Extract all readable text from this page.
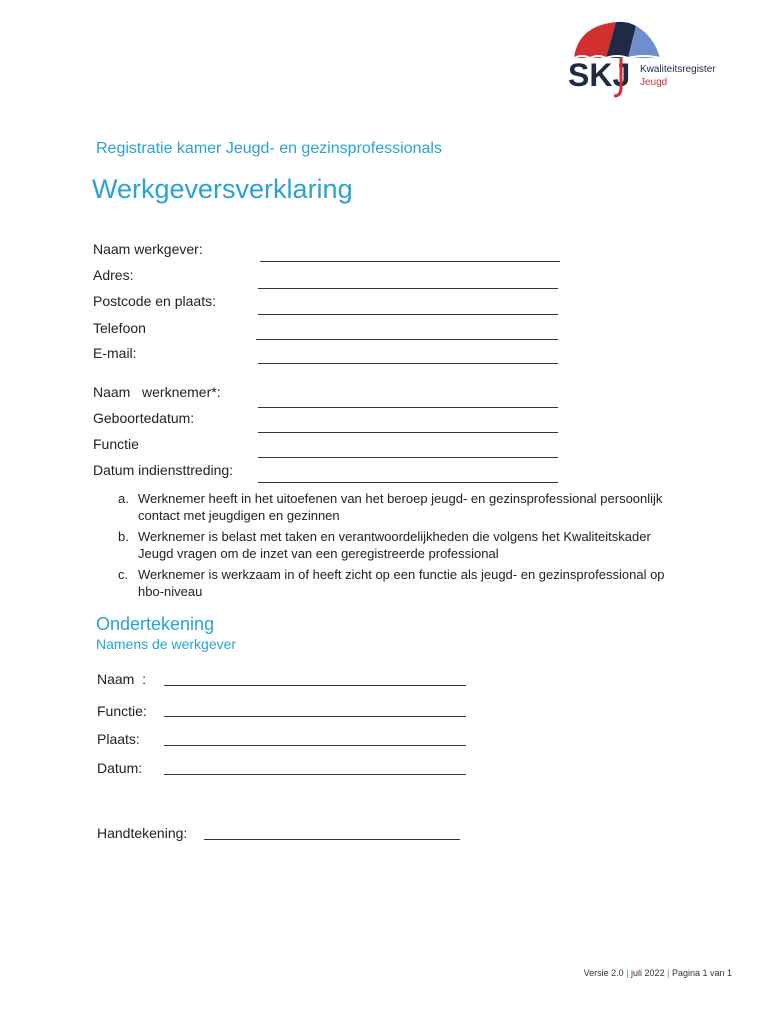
SKJ Kwaliteitsregister
Jeugd
Registratie kamer Jeugd- en gezinsprofessionals
Werkgeversverklaring
Naam werkgever:
Adres:
Postcode en plaats:
Telefoon
E-mail:
Naam   werknemer*:
Geboortedatum:
Functie
Datum indiensttreding:
a. Werknemer heeft in het uitoefenen van het beroep jeugd- en gezinsprofessional persoonlijk contact met jeugdigen en gezinnen
b. Werknemer is belast met taken en verantwoordelijkheden die volgens het Kwaliteitskader Jeugd vragen om de inzet van een geregistreerde professional
c. Werknemer is werkzaam in of heeft zicht op een functie als jeugd- en gezinsprofessional op hbo-niveau
Ondertekening
Namens de werkgever
Naam  :
Functie:
Plaats:
Datum:
Handtekening:
Versie 2.0 | juli 2022 | Pagina 1 van 1
